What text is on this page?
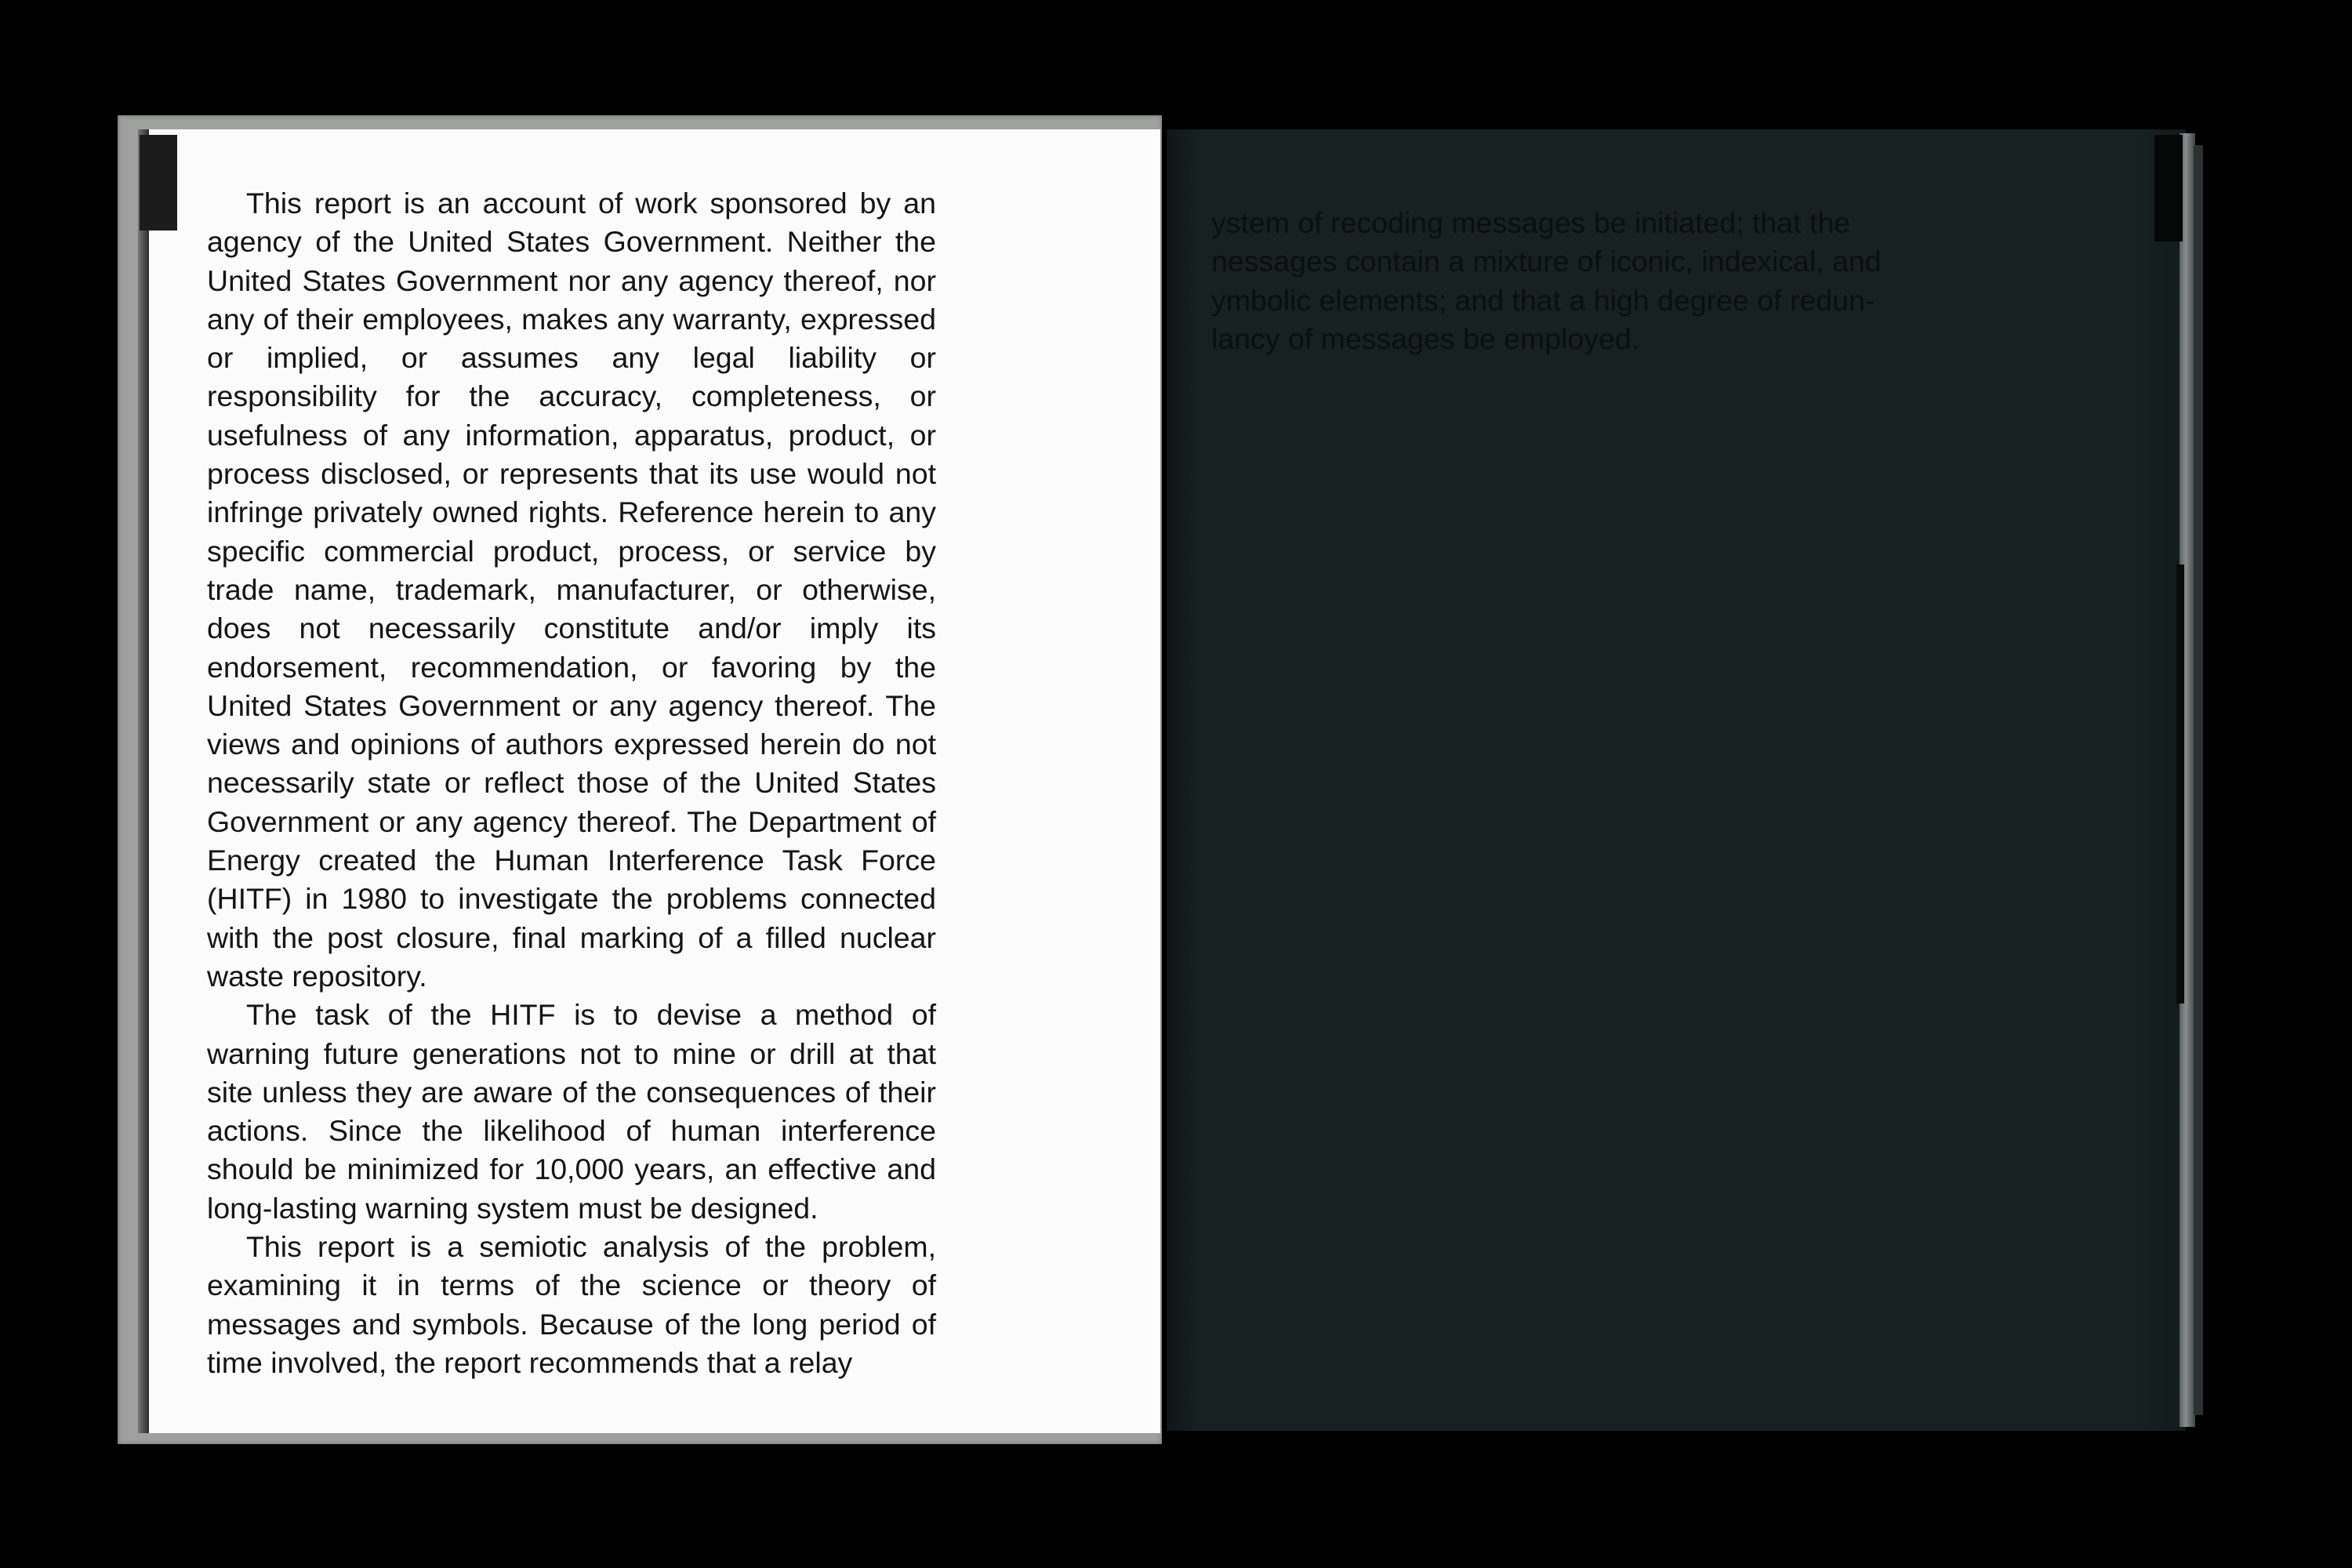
This report is an account of work sponsored by an agency of the United States Government. Neither the United States Government nor any agency thereof, nor any of their employees, makes any warranty, expressed or implied, or assumes any legal liability or responsibility for the accuracy, completeness, or usefulness of any information, apparatus, product, or process disclosed, or represents that its use would not infringe privately owned rights. Reference herein to any specific commercial product, process, or service by trade name, trademark, manufacturer, or otherwise, does not necessarily constitute and/or imply its endorsement, recommendation, or favoring by the United States Government or any agency thereof. The views and opinions of authors expressed herein do not necessarily state or reflect those of the United States Government or any agency thereof. The Department of Energy created the Human Interference Task Force (HITF) in 1980 to investigate the problems connected with the post closure, final marking of a filled nuclear waste repository.

The task of the HITF is to devise a method of warning future generations not to mine or drill at that site unless they are aware of the consequences of their actions. Since the likelihood of human interference should be minimized for 10,000 years, an effective and long-lasting warning system must be designed.

This report is a semiotic analysis of the problem, examining it in terms of the science or theory of messages and symbols. Because of the long period of time involved, the report recommends that a relay

ystem of recoding messages be initiated; that the
nessages contain a mixture of iconic, indexical, and
ymbolic elements; and that a high degree of redun-
lancy of messages be employed.
